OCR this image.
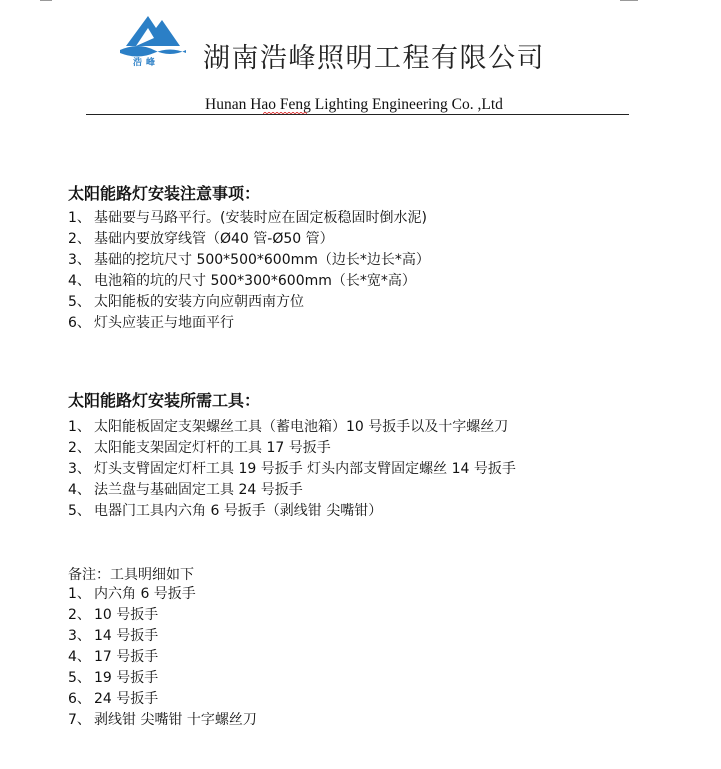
浩峰 湖南浩峰照明工程有限公司
Hunan Hao Feng Lighting Engineering Co. ,Ltd
太阳能路灯安装注意事项：
1、 基础要与马路平行。(安装时应在固定板稳固时倒水泥)
2、 基础内要放穿线管（Ø40 管-Ø50 管）
3、 基础的挖坑尺寸 500*500*600mm（边长*边长*高）
4、 电池箱的坑的尺寸 500*300*600mm（长*宽*高）
5、 太阳能板的安装方向应朝西南方位
6、 灯头应装正与地面平行
太阳能路灯安装所需工具：
1、 太阳能板固定支架螺丝工具（蓄电池箱）10 号扳手以及十字螺丝刀
2、 太阳能支架固定灯杆的工具 17 号扳手
3、 灯头支臂固定灯杆工具 19 号扳手 灯头内部支臂固定螺丝 14 号扳手
4、 法兰盘与基础固定工具 24 号扳手
5、 电器门工具内六角 6 号扳手（剥线钳 尖嘴钳）
备注：工具明细如下
1、 内六角 6 号扳手
2、 10 号扳手
3、 14 号扳手
4、 17 号扳手
5、 19 号扳手
6、 24 号扳手
7、 剥线钳 尖嘴钳 十字螺丝刀
